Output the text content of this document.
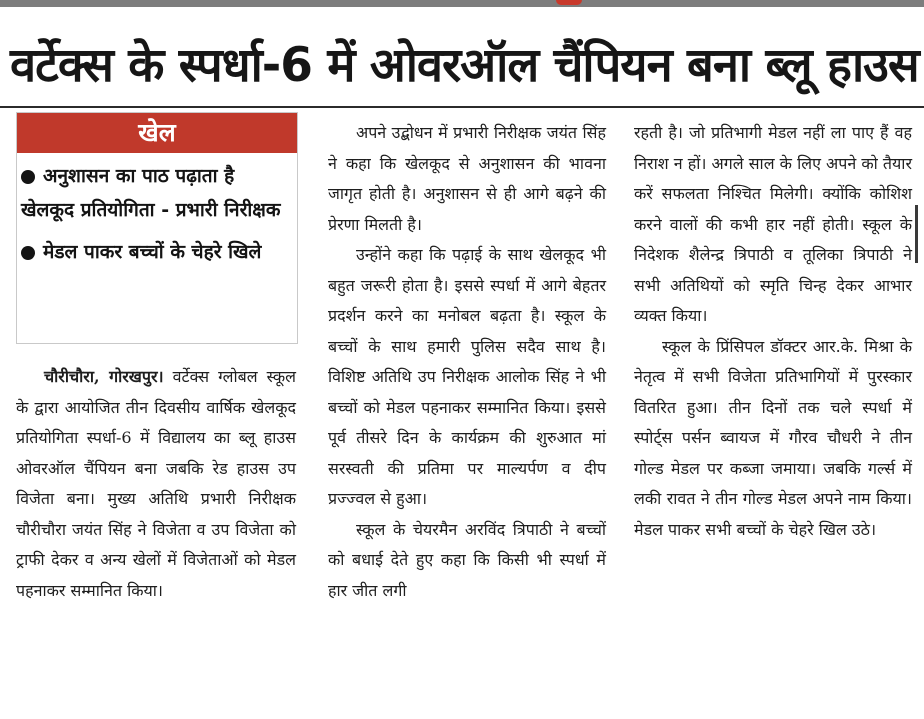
वर्टेक्स के स्पर्धा-6 में ओवरऑल चैंपियन बना ब्लू हाउस
खेल

अनुशासन का पाठ पढ़ाता है खेलकूद प्रतियोगिता - प्रभारी निरीक्षक

मेडल पाकर बच्चों के चेहरे खिले

चौरीचौरा, गोरखपुर। वर्टेक्स ग्लोबल स्कूल के द्वारा आयोजित तीन दिवसीय वार्षिक खेलकूद प्रतियोगिता स्पर्धा-6 में विद्यालय का ब्लू हाउस ओवरऑल चैंपियन बना जबकि रेड हाउस उप विजेता बना। मुख्य अतिथि प्रभारी निरीक्षक चौरीचौरा जयंत सिंह ने विजेता व उप विजेता को ट्राफी देकर व अन्य खेलों में विजेताओं को मेडल पहनाकर सम्मानित किया।

अपने उद्बोधन में प्रभारी निरीक्षक जयंत सिंह ने कहा कि खेलकूद से अनुशासन की भावना जागृत होती है। अनुशासन से ही आगे बढ़ने की प्रेरणा मिलती है।

उन्होंने कहा कि पढ़ाई के साथ खेलकूद भी बहुत जरूरी होता है। इससे स्पर्धा में आगे बेहतर प्रदर्शन करने का मनोबल बढ़ता है। स्कूल के बच्चों के साथ हमारी पुलिस सदैव साथ है। विशिष्ट अतिथि उप निरीक्षक आलोक सिंह ने भी बच्चों को मेडल पहनाकर सम्मानित किया। इससे पूर्व तीसरे दिन के कार्यक्रम की शुरुआत मां सरस्वती की प्रतिमा पर माल्यर्पण व दीप प्रज्ज्वल से हुआ।

स्कूल के चेयरमैन अरविंद त्रिपाठी ने बच्चों को बधाई देते हुए कहा कि किसी भी स्पर्धा में हार जीत लगी

रहती है। जो प्रतिभागी मेडल नहीं ला पाए हैं वह निराश न हों। अगले साल के लिए अपने को तैयार करें सफलता निश्चित मिलेगी। क्योंकि कोशिश करने वालों की कभी हार नहीं होती। स्कूल के निदेशक शैलेन्द्र त्रिपाठी व तूलिका त्रिपाठी ने सभी अतिथियों को स्मृति चिन्ह देकर आभार व्यक्त किया।

स्कूल के प्रिंसिपल डॉक्टर आर.के. मिश्रा के नेतृत्व में सभी विजेता प्रतिभागियों में पुरस्कार वितरित हुआ। तीन दिनों तक चले स्पर्धा में स्पोर्ट्स पर्सन ब्वायज में गौरव चौधरी ने तीन गोल्ड मेडल पर कब्जा जमाया। जबकि गर्ल्स में लकी रावत ने तीन गोल्ड मेडल अपने नाम किया। मेडल पाकर सभी बच्चों के चेहरे खिल उठे।
